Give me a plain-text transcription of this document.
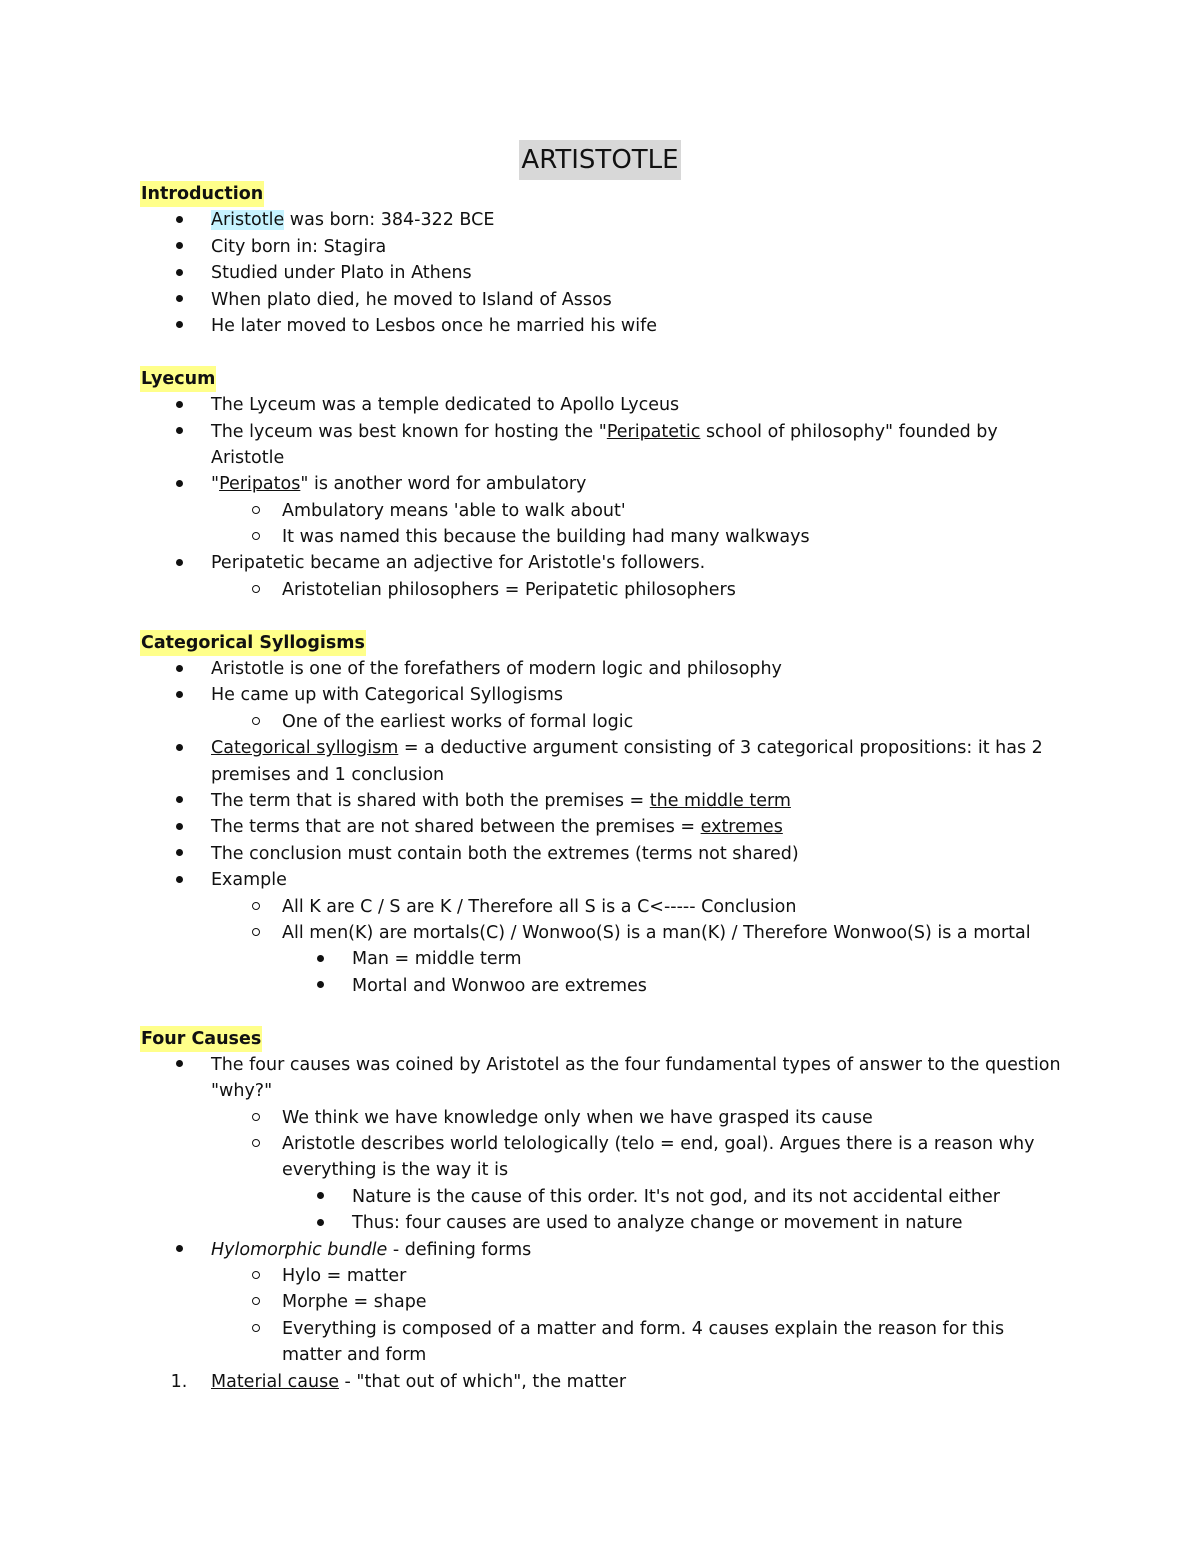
ARTISTOTLE
Introduction
Aristotle was born: 384-322 BCE
City born in: Stagira
Studied under Plato in Athens
When plato died, he moved to Island of Assos
He later moved to Lesbos once he married his wife
Lyecum
The Lyceum was a temple dedicated to Apollo Lyceus
The lyceum was best known for hosting the "Peripatetic school of philosophy" founded by
Aristotle
"Peripatos" is another word for ambulatory
Ambulatory means 'able to walk about'
It was named this because the building had many walkways
Peripatetic became an adjective for Aristotle's followers.
Aristotelian philosophers = Peripatetic philosophers
Categorical Syllogisms
Aristotle is one of the forefathers of modern logic and philosophy
He came up with Categorical Syllogisms
One of the earliest works of formal logic
Categorical syllogism = a deductive argument consisting of 3 categorical propositions: it has 2
premises and 1 conclusion
The term that is shared with both the premises = the middle term
The terms that are not shared between the premises = extremes
The conclusion must contain both the extremes (terms not shared)
Example
All K are C / S are K / Therefore all S is a C<----- Conclusion
All men(K) are mortals(C) / Wonwoo(S) is a man(K) / Therefore Wonwoo(S) is a mortal
Man = middle term
Mortal and Wonwoo are extremes
Four Causes
The four causes was coined by Aristotel as the four fundamental types of answer to the question
"why?"
We think we have knowledge only when we have grasped its cause
Aristotle describes world telologically (telo = end, goal). Argues there is a reason why
everything is the way it is
Nature is the cause of this order. It's not god, and its not accidental either
Thus: four causes are used to analyze change or movement in nature
Hylomorphic bundle - defining forms
Hylo = matter
Morphe = shape
Everything is composed of a matter and form. 4 causes explain the reason for this
matter and form
1. Material cause - "that out of which", the matter
